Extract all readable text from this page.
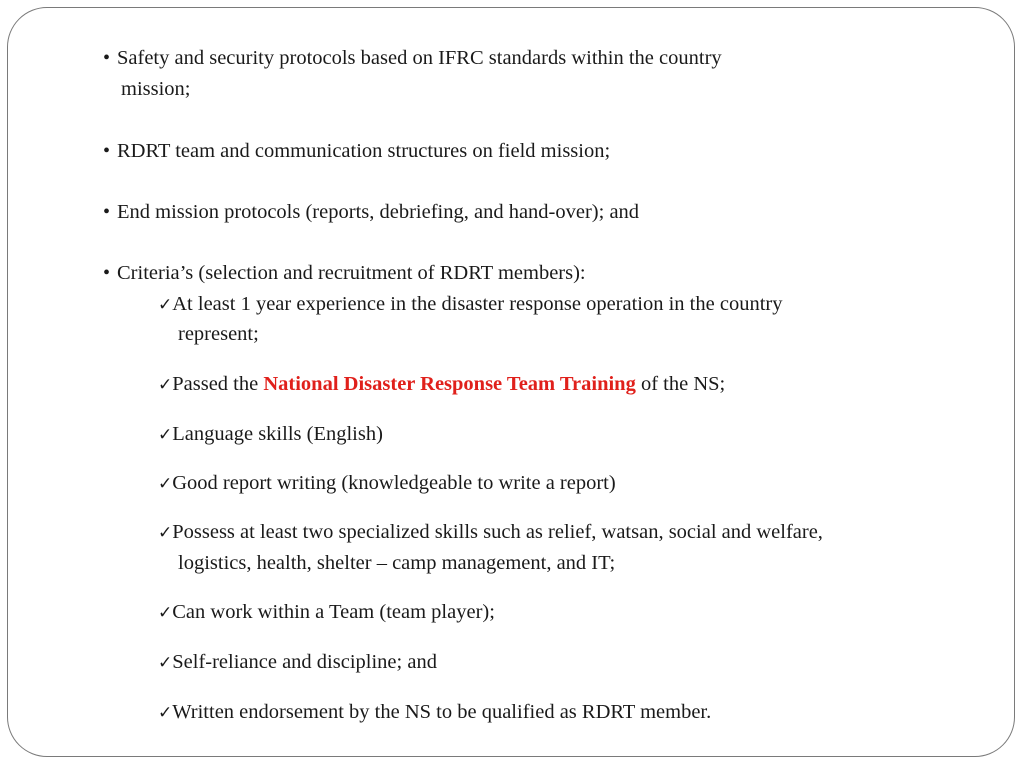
• Safety and security protocols based on IFRC standards within the country
mission;
• RDRT team and communication structures on field mission;
• End mission protocols (reports, debriefing, and hand-over); and
• Criteria’s (selection and recruitment of RDRT members):
✓At least 1 year experience in the disaster response operation in the country
represent;
✓Passed the National Disaster Response Team Training of the NS;
✓Language skills (English)
✓Good report writing (knowledgeable to write a report)
✓Possess at least two specialized skills such as relief, watsan, social and welfare,
logistics, health, shelter – camp management, and IT;
✓Can work within a Team (team player);
✓Self-reliance and discipline; and
✓Written endorsement by the NS to be qualified as RDRT member.
